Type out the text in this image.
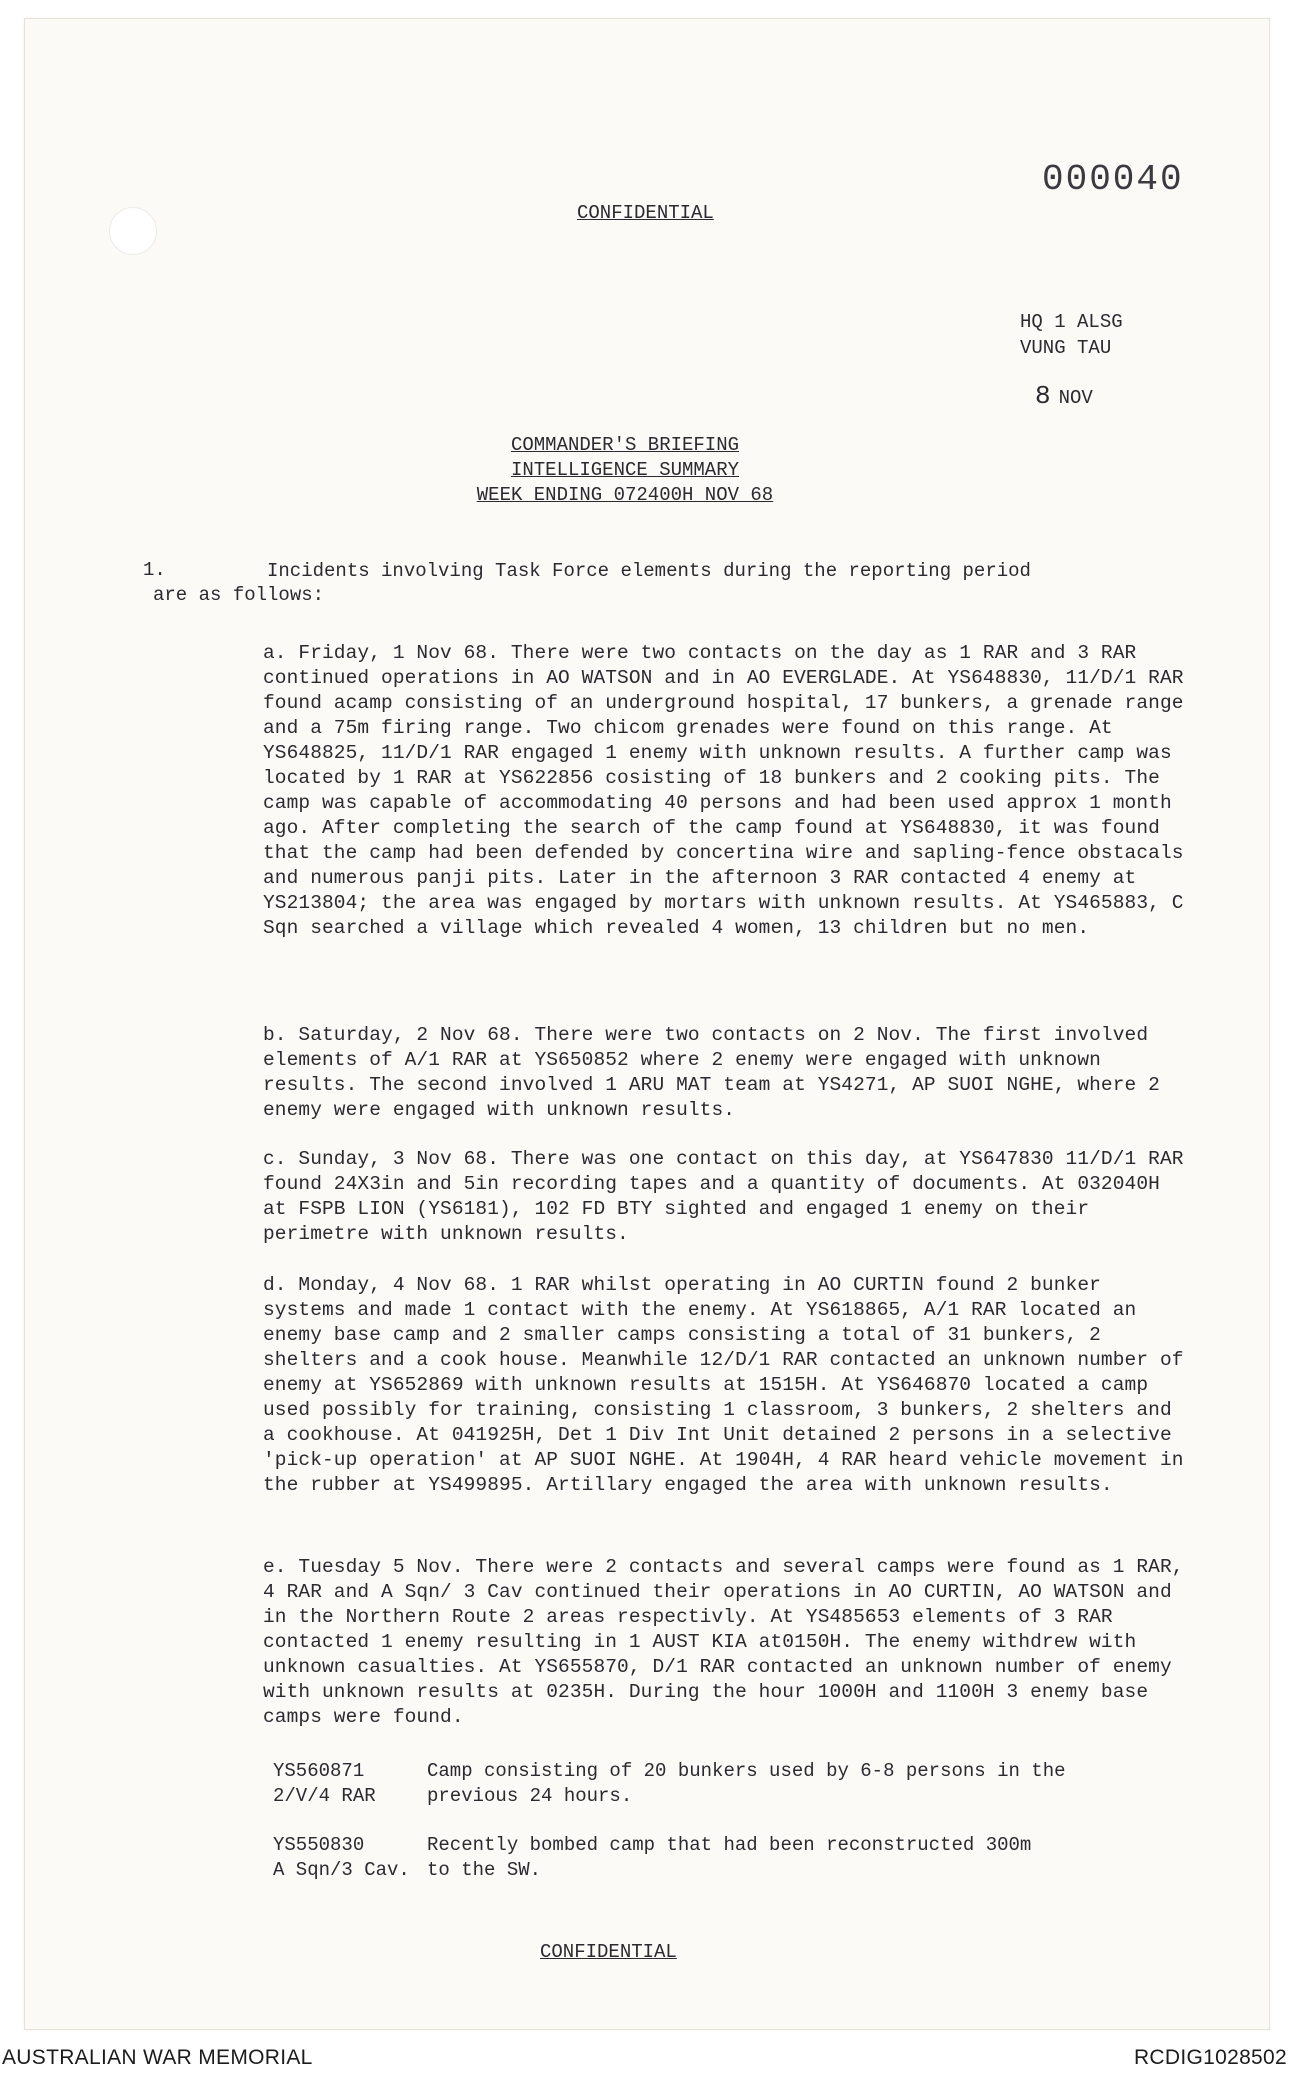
000040
CONFIDENTIAL
HQ 1 ALSG
VUNG TAU
8 NOV
COMMANDER'S BRIEFING
INTELLIGENCE SUMMARY
WEEK ENDING 072400H NOV 68
1.	Incidents involving Task Force elements during the reporting period are as follows:

a. Friday, 1 Nov 68. There were two contacts on the day as 1 RAR and 3 RAR continued operations in AO WATSON and in AO EVERGLADE. At YS648830, 11/D/1 RAR found acamp consisting of an underground hospital, 17 bunkers, a grenade range and a 75m firing range. Two chicom grenades were found on this range. At YS648825, 11/D/1 RAR engaged 1 enemy with unknown results. A further camp was located by 1 RAR at YS622856 cosisting of 18 bunkers and 2 cooking pits. The camp was capable of accommodating 40 persons and had been used approx 1 month ago. After completing the search of the camp found at YS648830, it was found that the camp had been defended by concertina wire and sapling-fence obstacals and numerous panji pits. Later in the afternoon 3 RAR contacted 4 enemy at YS213804; the area was engaged by mortars with unknown results. At YS465883, C Sqn searched a village which revealed 4 women, 13 children but no men.

b. Saturday, 2 Nov 68. There were two contacts on 2 Nov. The first involved elements of A/1 RAR at YS650852 where 2 enemy were engaged with unknown results. The second involved 1 ARU MAT team at YS4271, AP SUOI NGHE, where 2 enemy were engaged with unknown results.

c. Sunday, 3 Nov 68. There was one contact on this day, at YS647830 11/D/1 RAR found 24X3in and 5in recording tapes and a quantity of documents. At 032040H at FSPB LION (YS6181), 102 FD BTY sighted and engaged 1 enemy on their perimetre with unknown results.

d. Monday, 4 Nov 68. 1 RAR whilst operating in AO CURTIN found 2 bunker systems and made 1 contact with the enemy. At YS618865, A/1 RAR located an enemy base camp and 2 smaller camps consisting a total of 31 bunkers, 2 shelters and a cook house. Meanwhile 12/D/1 RAR contacted an unknown number of enemy at YS652869 with unknown results at 1515H. At YS646870 located a camp used possibly for training, consisting 1 classroom, 3 bunkers, 2 shelters and a cookhouse. At 041925H, Det 1 Div Int Unit detained 2 persons in a selective 'pick-up operation' at AP SUOI NGHE. At 1904H, 4 RAR heard vehicle movement in the rubber at YS499895. Artillary engaged the area with unknown results.

e. Tuesday 5 Nov. There were 2 contacts and several camps were found as 1 RAR, 4 RAR and A Sqn/ 3 Cav continued their operations in AO CURTIN, AO WATSON and in the Northern Route 2 areas respectivly. At YS485653 elements of 3 RAR contacted 1 enemy resulting in 1 AUST KIA at0150H. The enemy withdrew with unknown casualties. At YS655870, D/1 RAR contacted an unknown number of enemy with unknown results at 0235H. During the hour 1000H and 1100H 3 enemy base camps were found.

YS560871
2/V/4 RAR
Camp consisting of 20 bunkers used by 6-8 persons in the
previous 24 hours.
YS550830
A Sqn/3 Cav.
Recently bombed camp that had been reconstructed 300m
to the SW.
CONFIDENTIAL
AUSTRALIAN WAR MEMORIAL	RCDIG1028502
